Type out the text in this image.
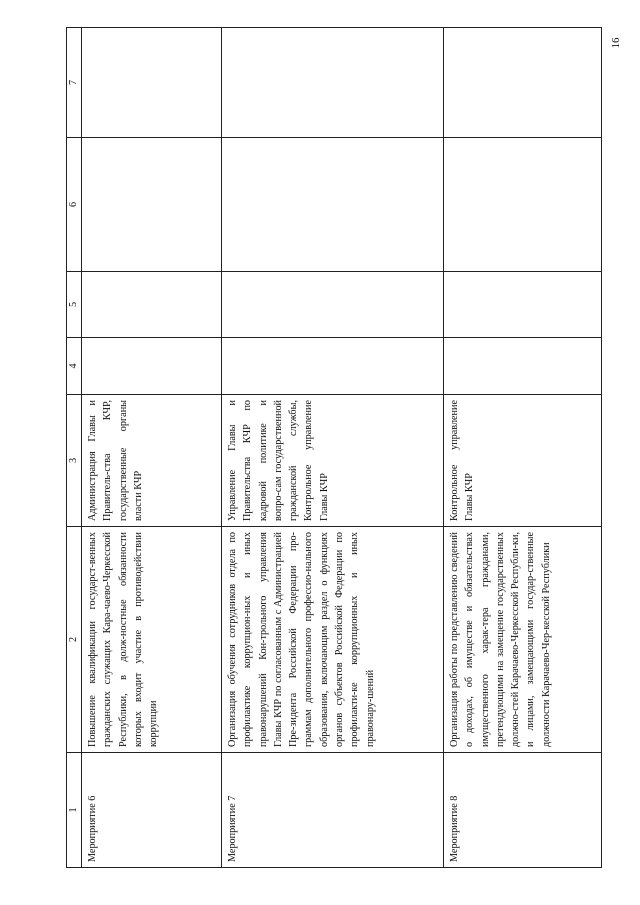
16
1	2	3	4	5	6	7
Мероприятие 6	Повышение квалификации государст-венных гражданских служащих Кара-чаево-Черкесской Республики, в долж-ностные обязанности которых входит участие в противодействии коррупции	Администрация Главы и Правитель-ства КЧР, государственные органы власти КЧР				
Мероприятие 7	Организация обучения сотрудников отдела по профилактике коррупцион-ных и иных правонарушений Кон-трольного управления Главы КЧР по согласованным с Администрацией Пре-зидента Российской Федерации про-граммам дополнительного профессио-нального образования, включающим раздел о функциях органов субъектов Российской Федерации по профилакти-ке коррупционных и иных правонару-шений	Управление Главы и Правительства КЧР по кадровой политике и вопро-сам государственной гражданской службы, Контрольное управление Главы КЧР				
Мероприятие 8	Организация работы по представлению сведений о доходах, об имуществе и обязательствах имущественного харак-тера гражданами, претендующими на замещение государственных должно-стей Карачаево-Черкесской Республи-ки, и лицами, замещающими государ-ственные должности Карачаево-Чер-кесской Республики	Контрольное управление Главы КЧР				
